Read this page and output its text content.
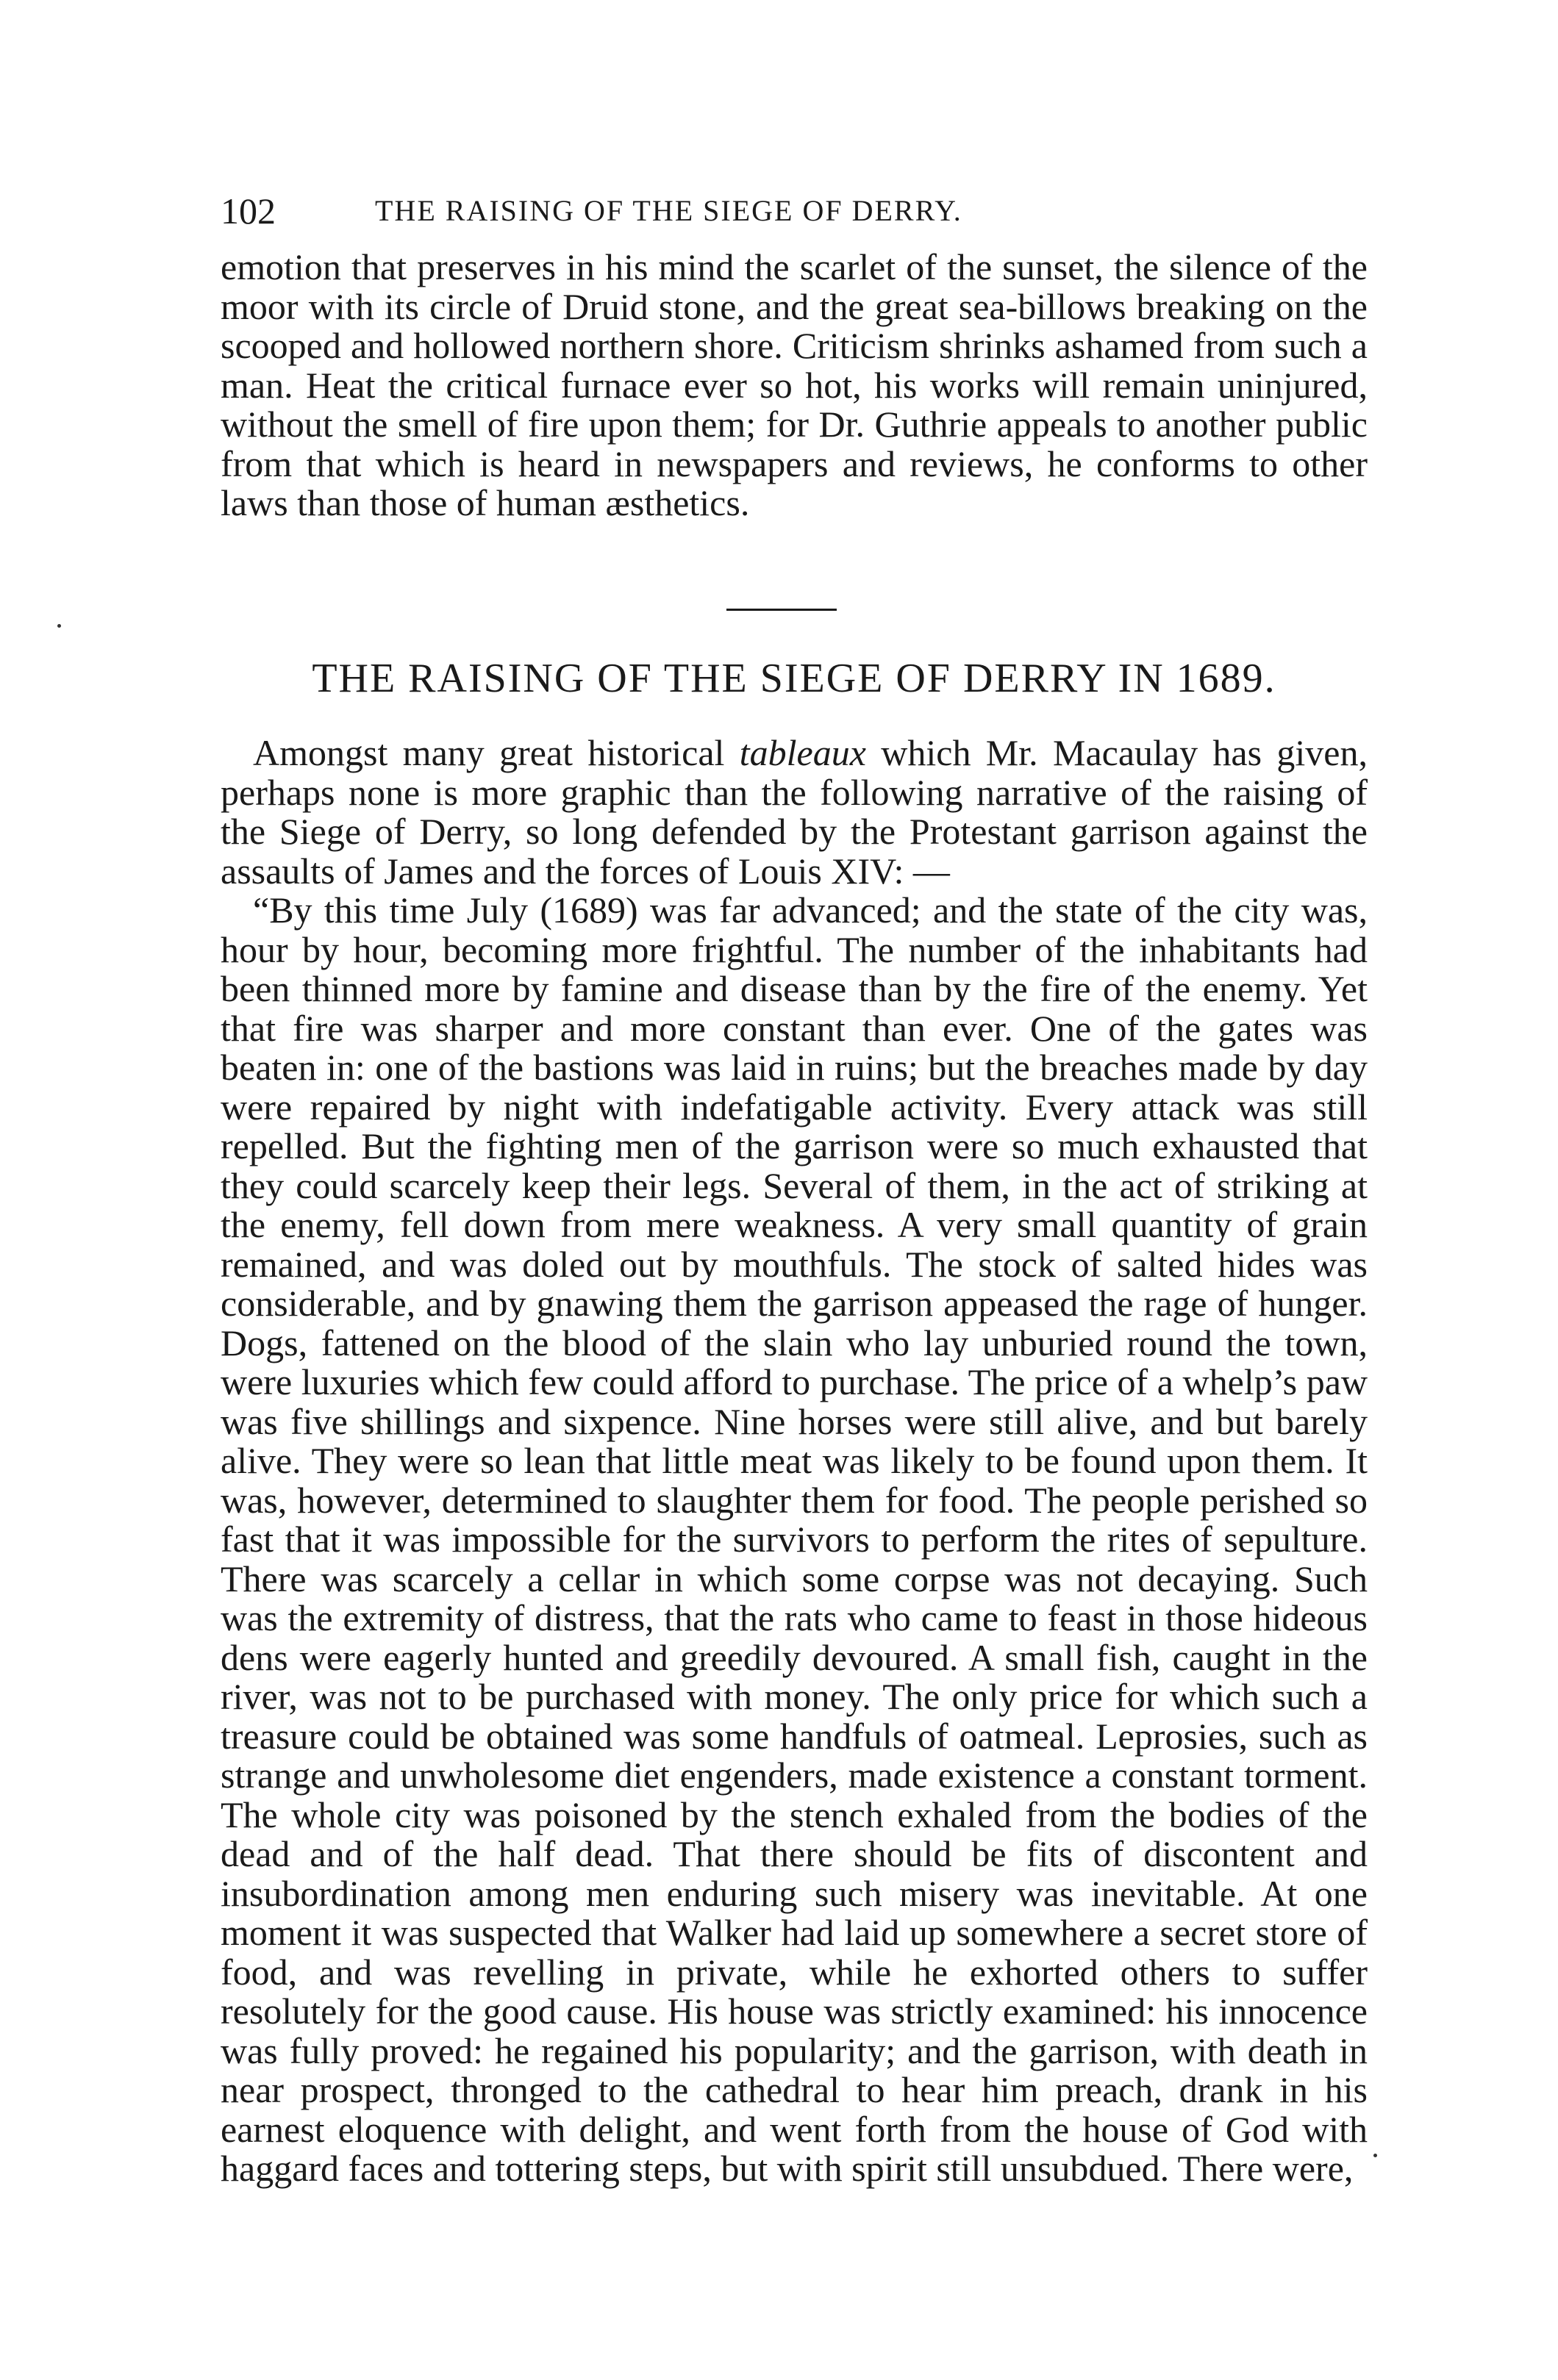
102	THE RAISING OF THE SIEGE OF DERRY.

emotion that preserves in his mind the scarlet of the sunset, the silence of the moor with its circle of Druid stone, and the great sea-billows breaking on the scooped and hollowed northern shore. Criticism shrinks ashamed from such a man. Heat the critical furnace ever so hot, his works will remain uninjured, without the smell of fire upon them; for Dr. Guthrie appeals to another public from that which is heard in newspapers and reviews, he conforms to other laws than those of human æsthetics.

THE RAISING OF THE SIEGE OF DERRY IN 1689.

Amongst many great historical tableaux which Mr. Macaulay has given, perhaps none is more graphic than the following narrative of the raising of the Siege of Derry, so long defended by the Protestant garrison against the assaults of James and the forces of Louis XIV: —

“By this time July (1689) was far advanced; and the state of the city was, hour by hour, becoming more frightful. The number of the inhabitants had been thinned more by famine and disease than by the fire of the enemy. Yet that fire was sharper and more constant than ever. One of the gates was beaten in: one of the bastions was laid in ruins; but the breaches made by day were repaired by night with indefatigable activity. Every attack was still repelled. But the fighting men of the garrison were so much exhausted that they could scarcely keep their legs. Several of them, in the act of striking at the enemy, fell down from mere weakness. A very small quantity of grain remained, and was doled out by mouthfuls. The stock of salted hides was considerable, and by gnawing them the garrison appeased the rage of hunger. Dogs, fattened on the blood of the slain who lay unburied round the town, were luxuries which few could afford to purchase. The price of a whelp’s paw was five shillings and sixpence. Nine horses were still alive, and but barely alive. They were so lean that little meat was likely to be found upon them. It was, however, determined to slaughter them for food. The people perished so fast that it was impossible for the survivors to perform the rites of sepulture. There was scarcely a cellar in which some corpse was not decaying. Such was the extremity of distress, that the rats who came to feast in those hideous dens were eagerly hunted and greedily devoured. A small fish, caught in the river, was not to be purchased with money. The only price for which such a treasure could be obtained was some handfuls of oatmeal. Leprosies, such as strange and unwholesome diet engenders, made existence a constant torment. The whole city was poisoned by the stench exhaled from the bodies of the dead and of the half dead. That there should be fits of discontent and insubordination among men enduring such misery was inevitable. At one moment it was suspected that Walker had laid up somewhere a secret store of food, and was revelling in private, while he exhorted others to suffer resolutely for the good cause. His house was strictly examined: his innocence was fully proved: he regained his popularity; and the garrison, with death in near prospect, thronged to the cathedral to hear him preach, drank in his earnest eloquence with delight, and went forth from the house of God with haggard faces and tottering steps, but with spirit still unsubdued. There were,
